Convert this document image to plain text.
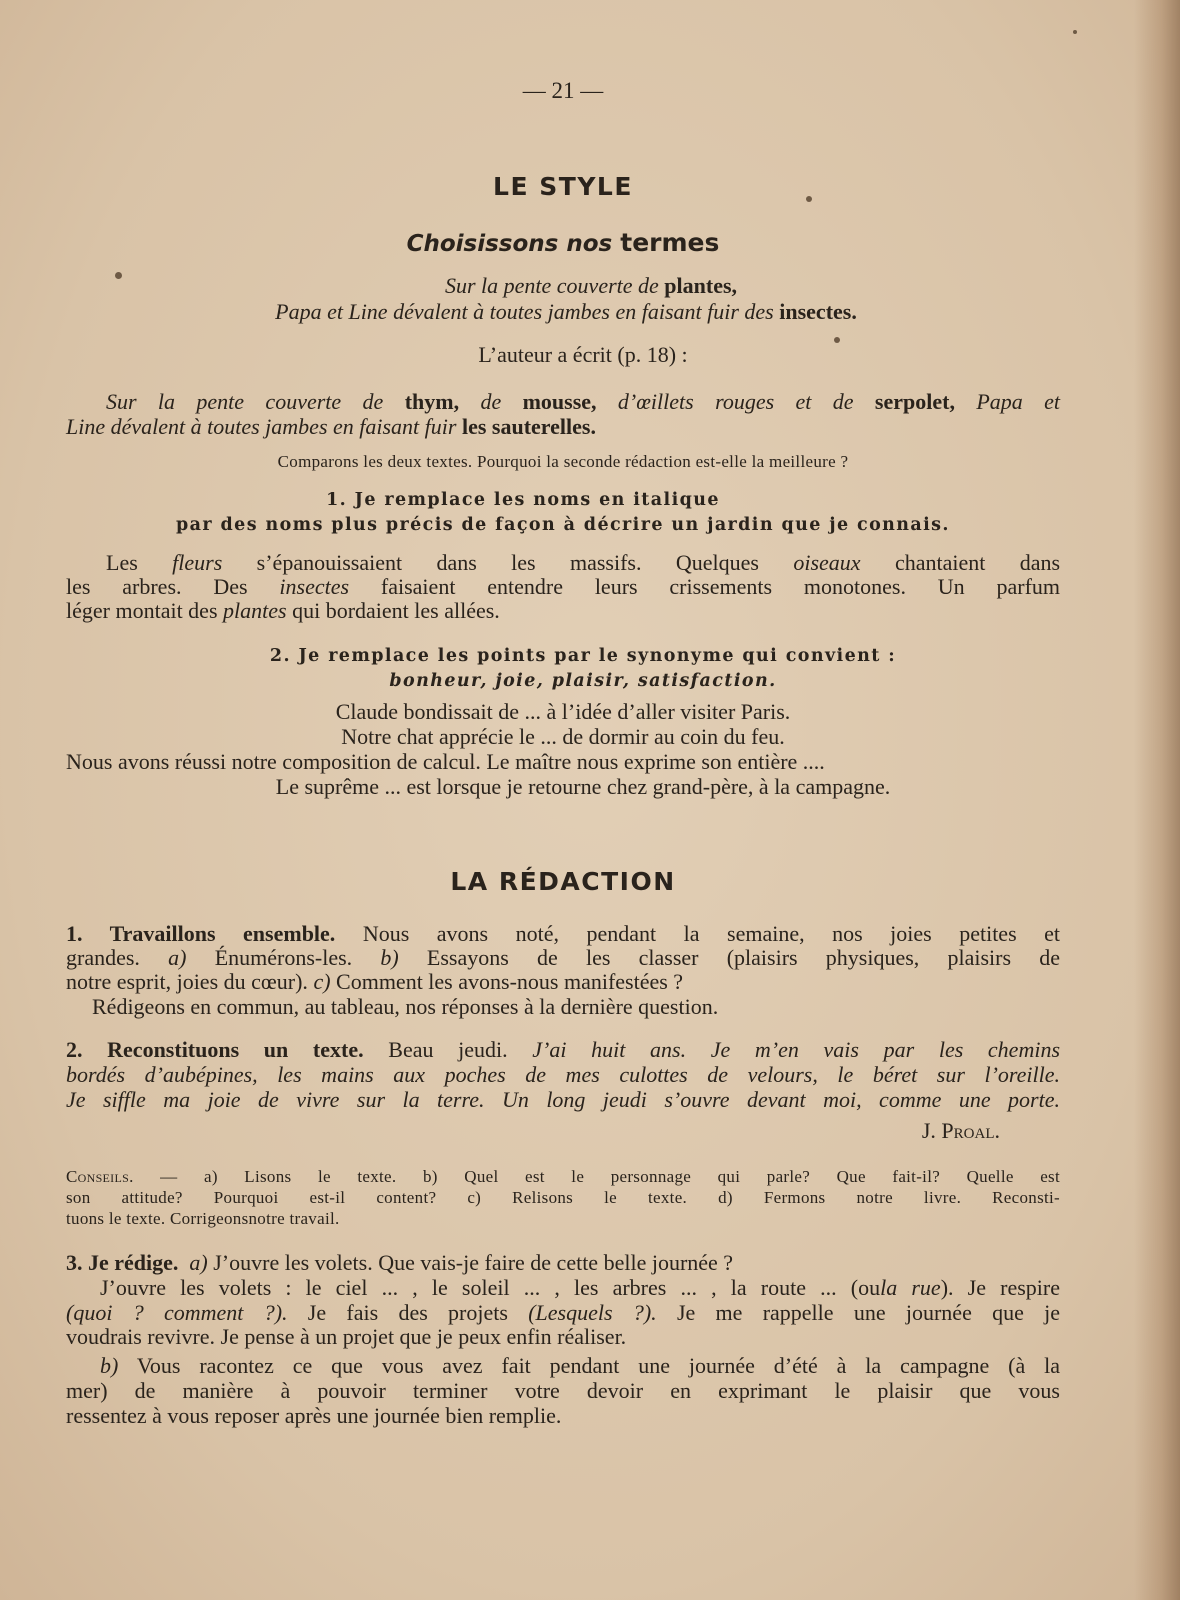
— 21 —
LE STYLE
Choisissons nos termes
Sur la pente couverte de plantes,
Papa et Line dévalent à toutes jambes en faisant fuir des insectes.
L’auteur a écrit (p. 18) :
Sur la pente couverte de thym, de mousse, d’œillets rouges et de serpolet, Papa et
Line dévalent à toutes jambes en faisant fuir les sauterelles.
Comparons les deux textes. Pourquoi la seconde rédaction est-elle la meilleure ?
1. Je remplace les noms en italique
par des noms plus précis de façon à décrire un jardin que je connais.
Les fleurs s’épanouissaient dans les massifs. Quelques oiseaux chantaient dans
les arbres. Des insectes faisaient entendre leurs crissements monotones. Un parfum
léger montait des plantes qui bordaient les allées.
2. Je remplace les points par le synonyme qui convient :
bonheur, joie, plaisir, satisfaction.
Claude bondissait de ... à l’idée d’aller visiter Paris.
Notre chat apprécie le ... de dormir au coin du feu.
Nous avons réussi notre composition de calcul. Le maître nous exprime son entière ....
Le suprême ... est lorsque je retourne chez grand-père, à la campagne.
LA RÉDACTION
1. Travaillons ensemble. Nous avons noté, pendant la semaine, nos joies petites et
grandes. a) Énumérons-les. b) Essayons de les classer (plaisirs physiques, plaisirs de
notre esprit, joies du cœur). c) Comment les avons-nous manifestées ?
Rédigeons en commun, au tableau, nos réponses à la dernière question.
2. Reconstituons un texte. Beau jeudi. J’ai huit ans. Je m’en vais par les chemins
bordés d’aubépines, les mains aux poches de mes culottes de velours, le béret sur l’oreille.
Je siffle ma joie de vivre sur la terre. Un long jeudi s’ouvre devant moi, comme une porte.
J. Proal.
Conseils. — a) Lisons le texte. b) Quel est le personnage qui parle? Que fait-il? Quelle est
son attitude? Pourquoi est-il content? c) Relisons le texte. d) Fermons notre livre. Reconsti-
tuons le texte. Corrigeonsnotre travail.
3. Je rédige. a) J’ouvre les volets. Que vais-je faire de cette belle journée ?
J’ouvre les volets : le ciel ... , le soleil ... , les arbres ... , la route ... (oula rue). Je respire
(quoi ? comment ?). Je fais des projets (Lesquels ?). Je me rappelle une journée que je
voudrais revivre. Je pense à un projet que je peux enfin réaliser.
b) Vous racontez ce que vous avez fait pendant une journée d’été à la campagne (à la
mer) de manière à pouvoir terminer votre devoir en exprimant le plaisir que vous
ressentez à vous reposer après une journée bien remplie.
